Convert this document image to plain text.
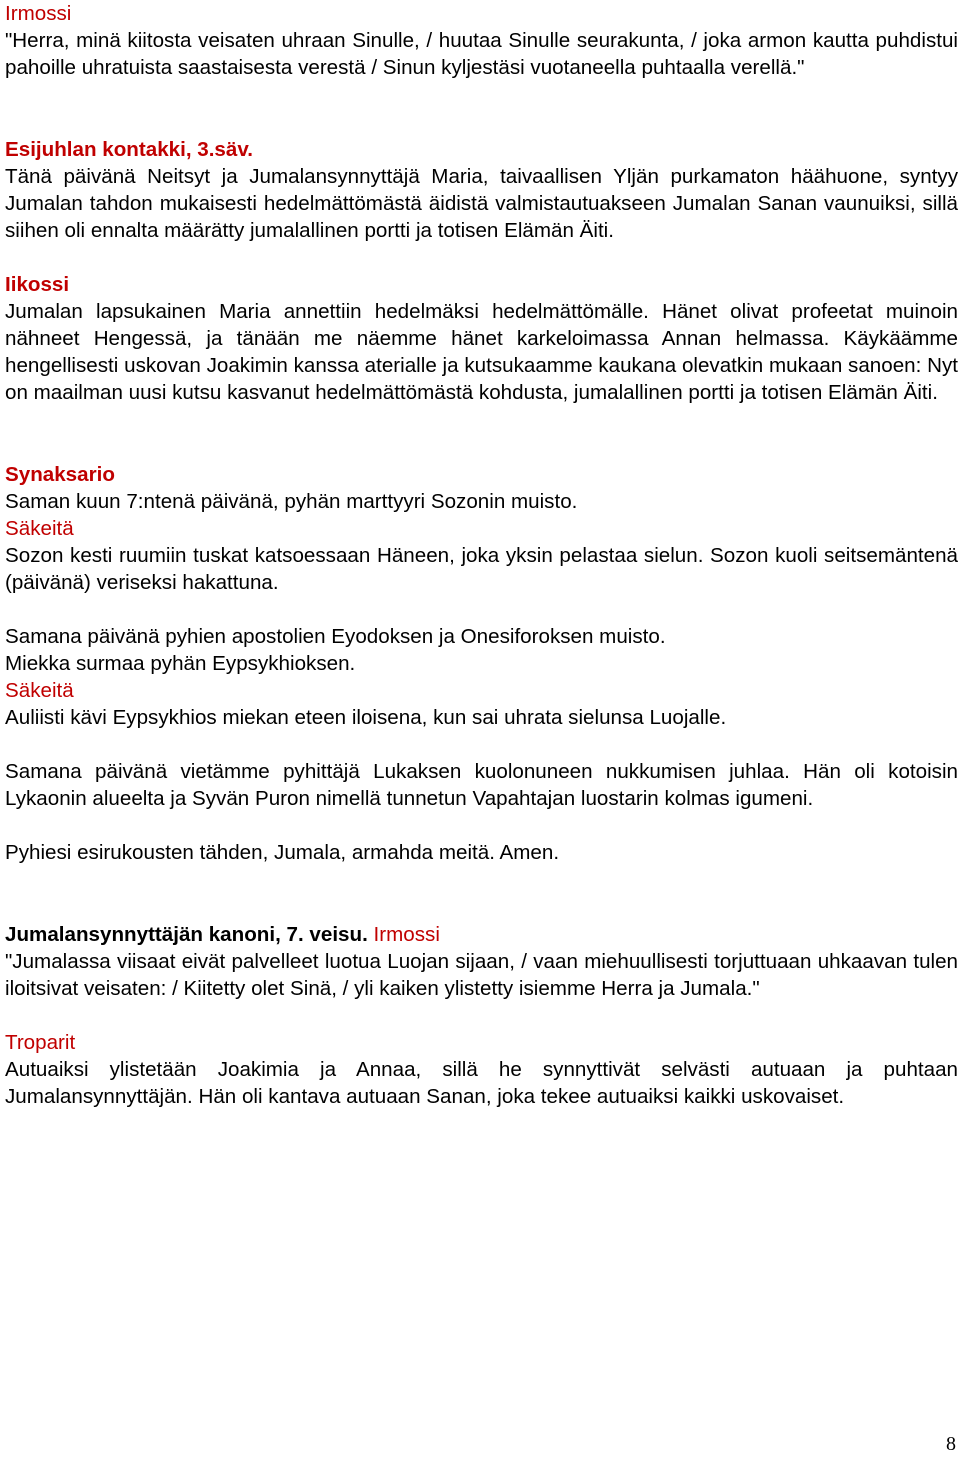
Irmossi

"Herra, minä kiitosta veisaten uhraan Sinulle, / huutaa Sinulle seurakunta, / joka armon kautta puhdistui pahoille uhratuista saastaisesta verestä / Sinun kyljestäsi vuotaneella puhtaalla verellä."

Esijuhlan kontakki, 3.säv.

Tänä päivänä Neitsyt ja Jumalansynnyttäjä Maria, taivaallisen Yljän purkamaton häähuone, syntyy Jumalan tahdon mukaisesti hedelmättömästä äidistä valmistautuakseen Jumalan Sanan vaunuiksi, sillä siihen oli ennalta määrätty jumalallinen portti ja totisen Elämän Äiti.

Iikossi

Jumalan lapsukainen Maria annettiin hedelmäksi hedelmättömälle. Hänet olivat profeetat muinoin nähneet Hengessä, ja tänään me näemme hänet karkeloimassa Annan helmassa. Käykäämme hengellisesti uskovan Joakimin kanssa aterialle ja kutsukaamme kaukana olevatkin mukaan sanoen: Nyt on maailman uusi kutsu kasvanut hedelmättömästä kohdusta, jumalallinen portti ja totisen Elämän Äiti.

Synaksario
Saman kuun 7:ntenä päivänä, pyhän marttyyri Sozonin muisto.
Säkeitä

Sozon kesti ruumiin tuskat katsoessaan Häneen, joka yksin pelastaa sielun. Sozon kuoli seitsemäntenä (päivänä) veriseksi hakattuna.

Samana päivänä pyhien apostolien Eyodoksen ja Onesiforoksen muisto.
Miekka surmaa pyhän Eypsykhioksen.
Säkeitä
Auliisti kävi Eypsykhios miekan eteen iloisena, kun sai uhrata sielunsa Luojalle.

Samana päivänä vietämme pyhittäjä Lukaksen kuolonuneen nukkumisen juhlaa. Hän oli kotoisin Lykaonin alueelta ja Syvän Puron nimellä tunnetun Vapahtajan luostarin kolmas igumeni.

Pyhiesi esirukousten tähden, Jumala, armahda meitä. Amen.
Jumalansynnyttäjän kanoni, 7. veisu. Irmossi

"Jumalassa viisaat eivät palvelleet luotua Luojan sijaan, / vaan miehuullisesti torjuttuaan uhkaavan tulen iloitsivat veisaten: / Kiitetty olet Sinä, / yli kaiken ylistetty isiemme Herra ja Jumala."

Troparit

Autuaiksi ylistetään Joakimia ja Annaa, sillä he synnyttivät selvästi autuaan ja puhtaan Jumalansynnyttäjän. Hän oli kantava autuaan Sanan, joka tekee autuaiksi kaikki uskovaiset.

8
